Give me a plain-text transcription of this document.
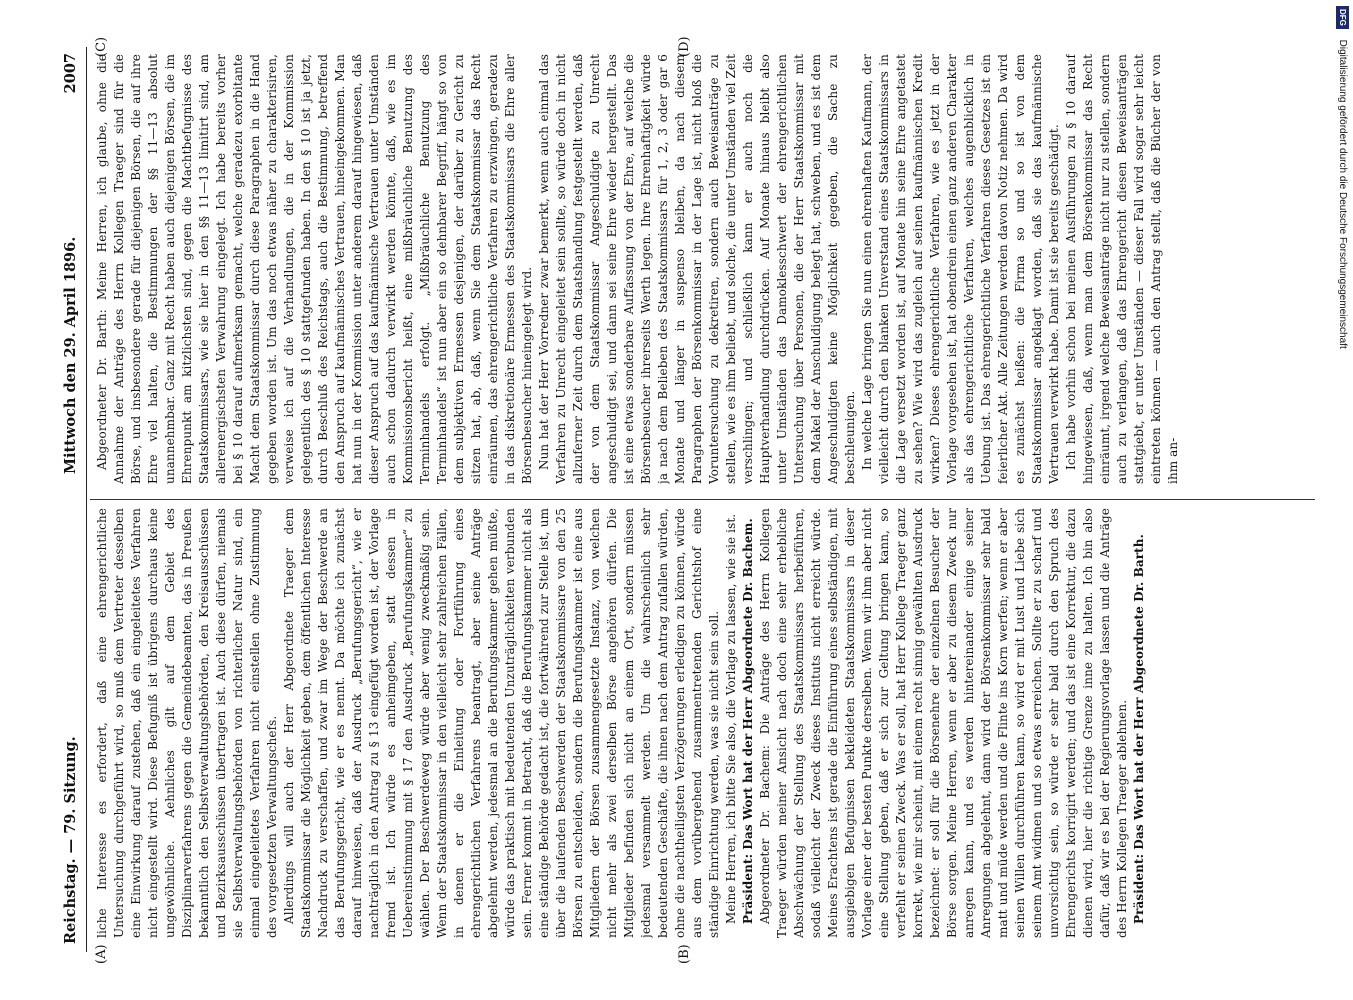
Reichstag. — 79. Sitzung.
Mittwoch den 29. April 1896.
2007
(A)	(B)
(C)	(D)

liche Interesse es erfordert, daß eine ehrengerichtliche Untersuchung durchgeführt wird, so muß dem Vertreter desselben eine Einwirkung darauf zustehen, daß ein eingeleitetes Verfahren nicht eingestellt wird. Diese Befugniß ist übrigens durchaus keine ungewöhnliche. Aehnliches gilt auf dem Gebiet des Disziplinarverfahrens gegen die Gemeindebeamten, das in Preußen bekanntlich den Selbstverwaltungsbehörden, den Kreisausschüssen und Bezirksausschüssen übertragen ist. Auch diese dürfen, niemals sie Selbstverwaltungsbehörden von richterlicher Natur sind, ein einmal eingeleitetes Verfahren nicht einstellen ohne Zustimmung des vorgesetzten Verwaltungschefs. Allerdings will auch der Herr Abgeordnete Traeger dem Staatskommissar die Möglichkeit geben, dem öffentlichen Interesse Nachdruck zu verschaffen, und zwar im Wege der Beschwerde an das Berufungsgericht, wie er es nennt. Da möchte ich zunächst darauf hinweisen, daß der Ausdruck „Berufungsgericht“, wie er nachträglich in den Antrag zu § 13 eingefügt worden ist, der Vorlage fremd ist. Ich würde es anheimgeben, statt dessen in Uebereinstimmung mit § 17 den Ausdruck „Berufungskammer“ zu wählen. Der Beschwerdeweg würde aber wenig zweckmäßig sein. Wenn der Staatskommissar in den vielleicht sehr zahlreichen Fällen, in denen er die Einleitung oder Fortführung eines ehrengerichtlichen Verfahrens beantragt, aber seine Anträge abgelehnt werden, jedesmal an die Berufungskammer gehen müßte, würde das praktisch mit bedeutenden Unzuträglichkeiten verbunden sein. Ferner kommt in Betracht, daß die Berufungskammer nicht als eine ständige Behörde gedacht ist, die fortwährend zur Stelle ist, um über die laufenden Beschwerden der Staatskommissare von den 25 Börsen zu entscheiden, sondern die Berufungskammer ist eine aus Mitgliedern der Börsen zusammengesetzte Instanz, von welchen nicht mehr als zwei derselben Börse angehören dürfen. Die Mitglieder befinden sich nicht an einem Ort, sondern müssen jedesmal versammelt werden. Um die wahrscheinlich sehr bedeutenden Geschäfte, die ihnen nach dem Antrag zufallen würden, ohne die nachtheiligsten Verzögerungen erledigen zu können, würde aus dem vorübergehend zusammentretenden Gerichtshof eine ständige Einrichtung werden, was sie nicht sein soll. Meine Herren, ich bitte Sie also, die Vorlage zu lassen, wie sie ist. Präsident: Das Wort hat der Herr Abgeordnete Dr. Bachem. Abgeordneter Dr. Bachem: Die Anträge des Herrn Kollegen Traeger würden meiner Ansicht nach doch eine sehr erhebliche Abschwächung der Stellung des Staatskommissars herbeiführen, sodaß vielleicht der Zweck dieses Instituts nicht erreicht würde. Meines Erachtens ist gerade die Einführung eines selbständigen, mit ausgiebigen Befugnissen bekleideten Staatskommissars in dieser Vorlage einer der besten Punkte derselben. Wenn wir ihm aber nicht eine Stellung geben, daß er sich zur Geltung bringen kann, so verfehlt er seinen Zweck. Was er soll, hat Herr Kollege Traeger ganz korrekt, wie mir scheint, mit einem recht sinnig gewählten Ausdruck bezeichnet: er soll für die Börsenehre der einzelnen Besucher der Börse sorgen. Meine Herren, wenn er aber zu diesem Zweck nur anregen kann, und es werden hintereinander einige seiner Anregungen abgelehnt, dann wird der Börsenkommissar sehr bald matt und müde werden und die Flinte ins Korn werfen; wenn er aber seinen Willen durchführen kann, so wird er mit Lust und Liebe sich seinem Amt widmen und so etwas erreichen. Sollte er zu scharf und unvorsichtig sein, so würde er sehr bald durch den Spruch des Ehrengerichts korrigirt werden; und das ist eine Korrektur, die dazu dienen wird, hier die richtige Grenze inne zu halten. Ich bin also dafür, daß wir es bei der Regierungsvorlage lassen und die Anträge des Herrn Kollegen Traeger ablehnen. Präsident: Das Wort hat der Herr Abgeordnete Dr. Barth.

Abgeordneter Dr. Barth: Meine Herren, ich glaube, ohne die Annahme der Anträge des Herrn Kollegen Traeger sind für die Börse, und insbesondere gerade für diejenigen Börsen, die auf ihre Ehre viel halten, die Bestimmungen der §§ 11—13 absolut unannehmbar. Ganz mit Recht haben auch diejenigen Börsen, die im Ehrenpunkt am kitzlichsten sind, gegen die Machtbefugnisse des Staatskommissars, wie sie hier in den §§ 11—13 limitirt sind, am allerenergischsten Verwahrung eingelegt. Ich habe bereits vorher bei § 10 darauf aufmerksam gemacht, welche geradezu exorbitante Macht dem Staatskommissar durch diese Paragraphen in die Hand gegeben worden ist. Um das noch etwas näher zu charakterisiren, verweise ich auf die Verhandlungen, die in der Kommission gelegentlich des § 10 stattgefunden haben. In den § 10 ist ja jetzt, durch Beschluß des Reichstags, auch die Bestimmung, betreffend den Anspruch auf kaufmännisches Vertrauen, hineingekommen. Man hat nun in der Kommission unter anderem darauf hingewiesen, daß dieser Anspruch auf das kaufmännische Vertrauen unter Umständen auch schon dadurch verwirkt werden könnte, daß, wie es im Kommissionsbericht heißt, eine mißbräuchliche Benutzung des Terminhandels erfolgt. „Mißbräuchliche Benutzung des Terminhandels“ ist nun aber ein so dehnbarer Begriff, hängt so von dem subjektiven Ermessen desjenigen, der darüber zu Gericht zu sitzen hat, ab, daß, wenn Sie dem Staatskommissar das Recht einräumen, das ehrengerichtliche Verfahren zu erzwingen, geradezu in das diskretionäre Ermessen des Staatskommissars die Ehre aller Börsenbesucher hineingelegt wird. Nun hat der Herr Vorredner zwar bemerkt, wenn auch einmal das Verfahren zu Unrecht eingeleitet sein sollte, so würde doch in nicht allzuferner Zeit durch dem Staatshandlung festgestellt werden, daß der von dem Staatskommissar Angeschuldigte zu Unrecht angeschuldigt sei, und dann sei seine Ehre wieder hergestellt. Das ist eine etwas sonderbare Auffassung von der Ehre, auf welche die Börsenbesucher ihrerseits Werth legen. Ihre Ehrenhaftigkeit würde ja nach dem Belieben des Staatskommissars für 1, 2, 3 oder gar 6 Monate und länger in suspenso bleiben, da nach diesem Paragraphen der Börsenkommissar in der Lage ist, nicht bloß die Voruntersuchung zu dekretiren, sondern auch Beweisanträge zu stellen, wie es ihm beliebt, und solche, die unter Umständen viel Zeit verschlingen; und schließlich kann er auch noch die Hauptverhandlung durchdrücken. Auf Monate hinaus bleibt also unter Umständen das Damoklesschwert der ehrengerichtlichen Untersuchung über Personen, die der Herr Staatskommissar mit dem Makel der Anschuldigung belegt hat, schweben, und es ist dem Angeschuldigten keine Möglichkeit gegeben, die Sache zu beschleunigen. In welche Lage bringen Sie nun einen ehrenhaften Kaufmann, der vielleicht durch den blanken Unverstand eines Staatskommissars in die Lage versetzt worden ist, auf Monate hin seine Ehre angetastet zu sehen? Wie wird das zugleich auf seinen kaufmännischen Kredit wirken? Dieses ehrengerichtliche Verfahren, wie es jetzt in der Vorlage vorgesehen ist, hat obendrein einen ganz anderen Charakter als das ehrengerichtliche Verfahren, welches augenblicklich in Uebung ist. Das ehrengerichtliche Verfahren dieses Gesetzes ist ein feierlicher Akt. Alle Zeitungen werden davon Notiz nehmen. Da wird es zunächst heißen: die Firma so und so ist von dem Staatskommissar angeklagt worden, daß sie das kaufmännische Vertrauen verwirkt habe. Damit ist sie bereits geschädigt. Ich habe vorhin schon bei meinen Ausführungen zu § 10 darauf hingewiesen, daß, wenn man dem Börsenkommissar das Recht einräumt, irgend welche Beweisanträge nicht nur zu stellen, sondern auch zu verlangen, daß das Ehrengericht diesen Beweisanträgen stattgiebt, er unter Umständen — dieser Fall wird sogar sehr leicht eintreten können — auch den Antrag stellt, daß die Bücher der von ihm an-

DFG Digitalisierung gefördert durch die Deutsche Forschungsgemeinschaft
